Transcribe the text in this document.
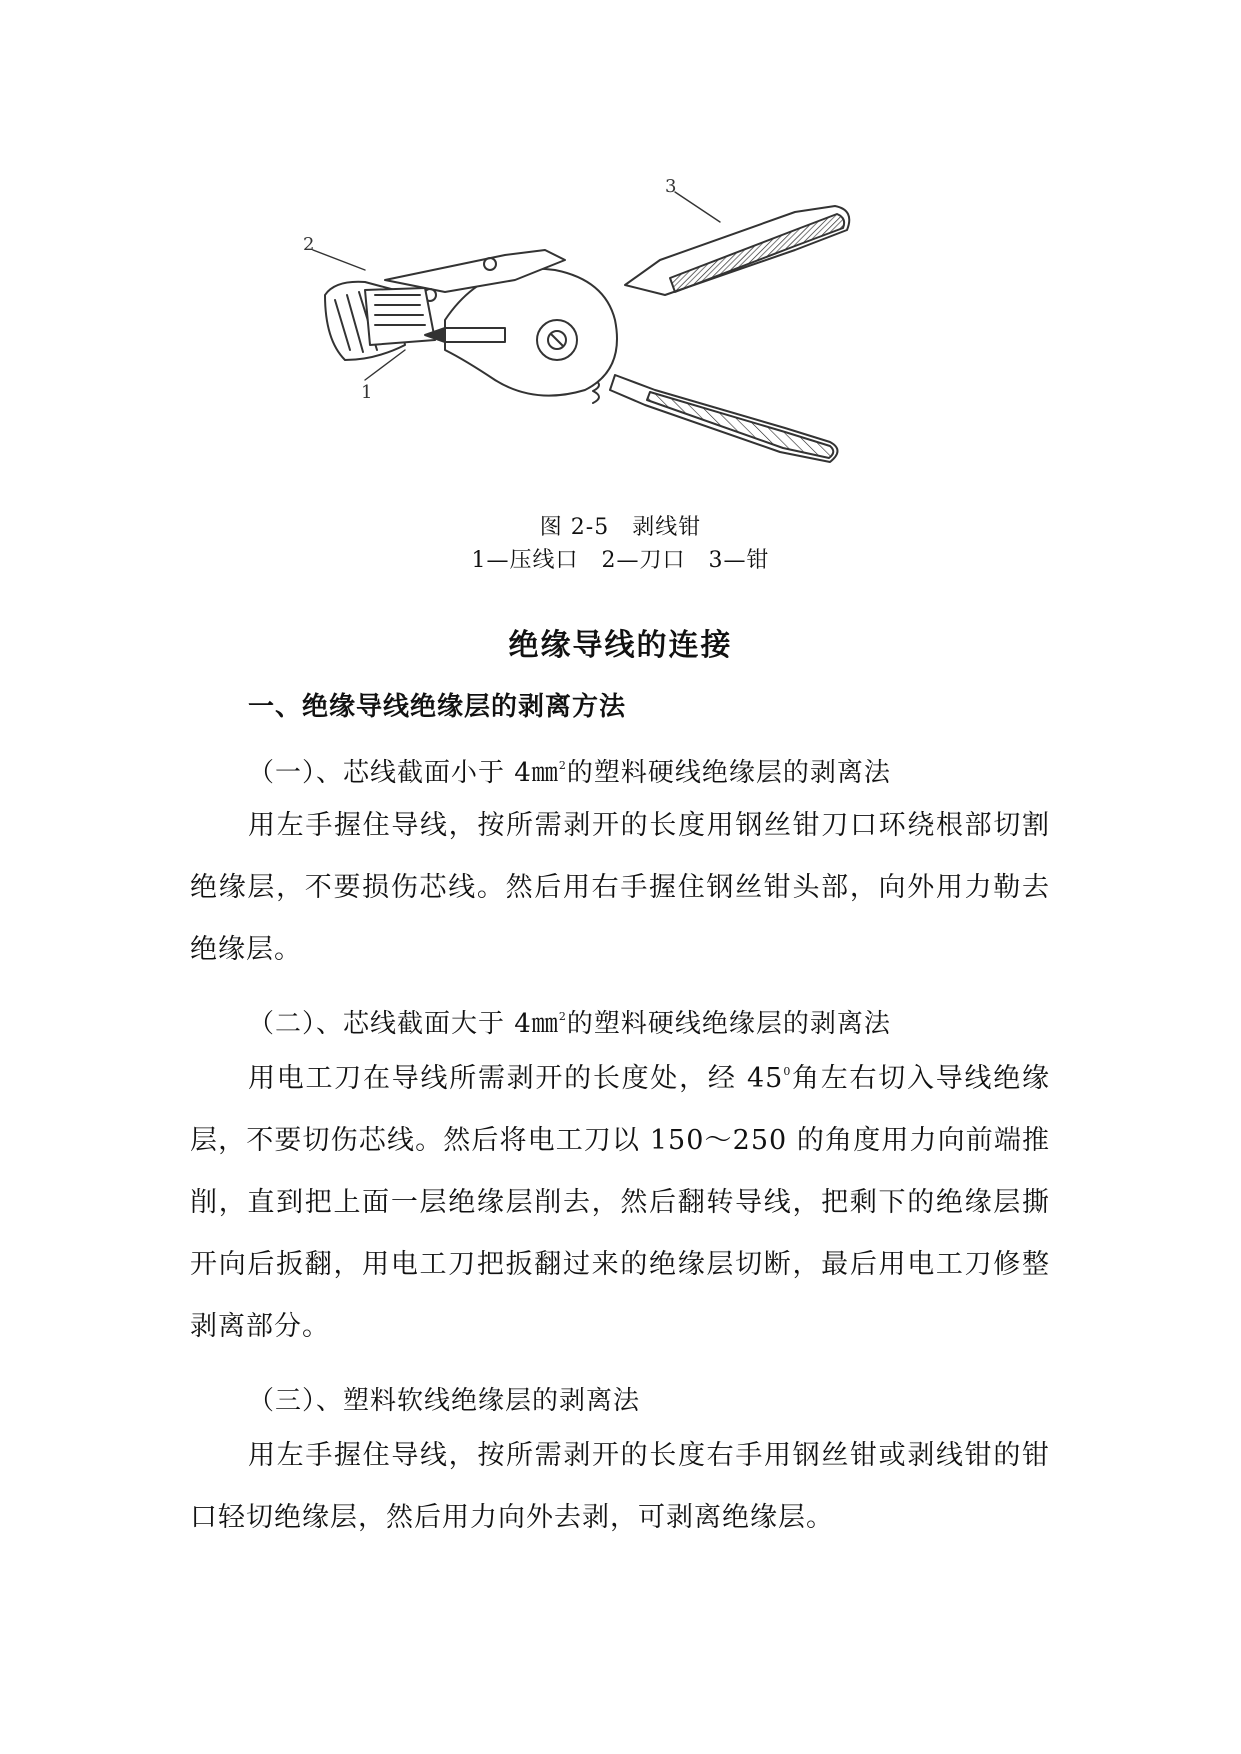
2
3
1
图 2-5　剥线钳
1—压线口　2—刀口　3—钳
绝缘导线的连接
一、绝缘导线绝缘层的剥离方法
（一）、芯线截面小于 4㎜$^2$的塑料硬线绝缘层的剥离法

用左手握住导线，按所需剥开的长度用钢丝钳刀口环绕根部切割绝缘层，不要损伤芯线。然后用右手握住钢丝钳头部，向外用力勒去绝缘层。

（二）、芯线截面大于 4㎜$^2$的塑料硬线绝缘层的剥离法

用电工刀在导线所需剥开的长度处，经 $45^0$角左右切入导线绝缘层，不要切伤芯线。然后将电工刀以 150～250 的角度用力向前端推削，直到把上面一层绝缘层削去，然后翻转导线，把剩下的绝缘层撕开向后扳翻，用电工刀把扳翻过来的绝缘层切断，最后用电工刀修整剥离部分。

（三）、塑料软线绝缘层的剥离法

用左手握住导线，按所需剥开的长度右手用钢丝钳或剥线钳的钳口轻切绝缘层，然后用力向外去剥，可剥离绝缘层。
